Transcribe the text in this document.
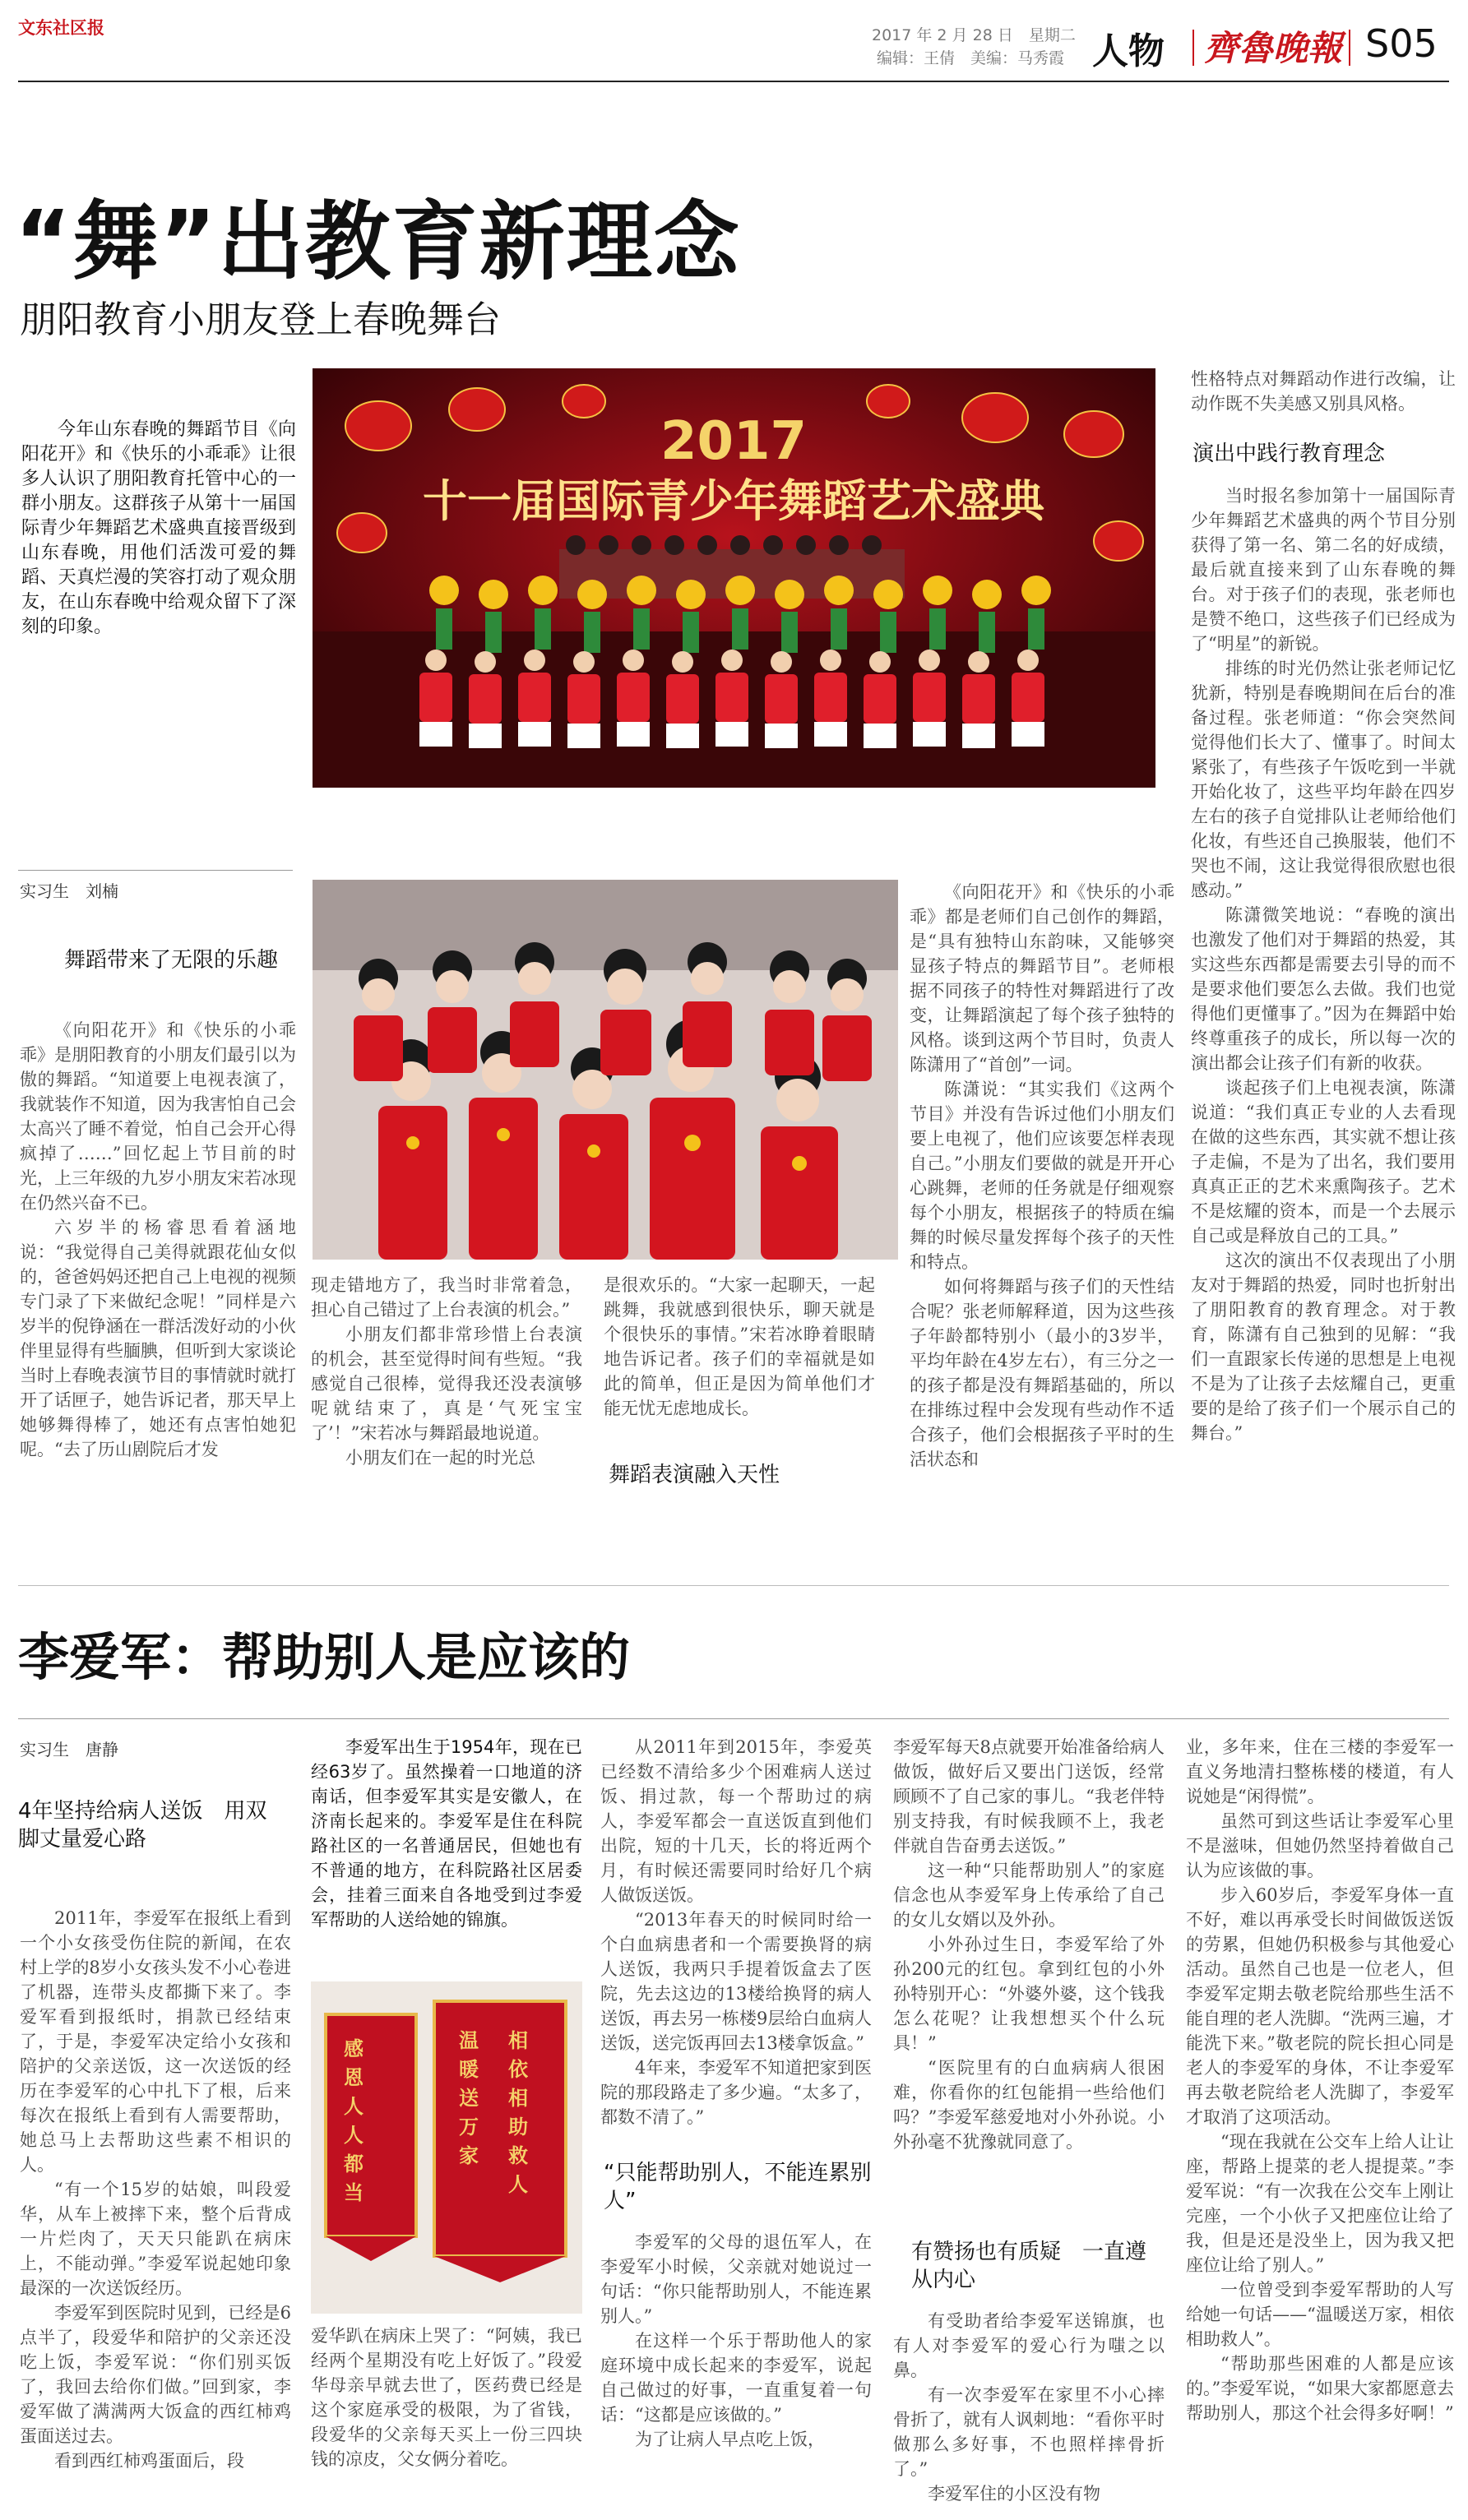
文东社区报	2017 年 2 月 28 日　星期二
编辑：王倩　美编：马秀霞 人物 齊魯晚報 S05
“舞”出教育新理念
朋阳教育小朋友登上春晚舞台
今年山东春晚的舞蹈节目《向阳花开》和《快乐的小乖乖》让很多人认识了朋阳教育托管中心的一群小朋友。这群孩子从第十一届国际青少年舞蹈艺术盛典直接晋级到山东春晚，用他们活泼可爱的舞蹈、天真烂漫的笑容打动了观众朋友，在山东春晚中给观众留下了深刻的印象。
2017
十一届国际青少年舞蹈艺术盛典

性格特点对舞蹈动作进行改编，让动作既不失美感又别具风格。

演出中践行教育理念

当时报名参加第十一届国际青少年舞蹈艺术盛典的两个节目分别获得了第一名、第二名的好成绩，最后就直接来到了山东春晚的舞台。对于孩子们的表现，张老师也是赞不绝口，这些孩子们已经成为了“明星”的新锐。

排练的时光仍然让张老师记忆犹新，特别是春晚期间在后台的准备过程。张老师道：“你会突然间觉得他们长大了、懂事了。时间太紧张了，有些孩子午饭吃到一半就开始化妆了，这些平均年龄在四岁左右的孩子自觉排队让老师给他们化妆，有些还自己换服装，他们不哭也不闹，这让我觉得很欣慰也很感动。”

陈潇微笑地说：“春晚的演出也激发了他们对于舞蹈的热爱，其实这些东西都是需要去引导的而不是要求他们要怎么去做。我们也觉得他们更懂事了。”因为在舞蹈中始终尊重孩子的成长，所以每一次的演出都会让孩子们有新的收获。

谈起孩子们上电视表演，陈潇说道：“我们真正专业的人去看现在做的这些东西，其实就不想让孩子走偏，不是为了出名，我们要用真真正正的艺术来熏陶孩子。艺术不是炫耀的资本，而是一个去展示自己或是释放自己的工具。”

这次的演出不仅表现出了小朋友对于舞蹈的热爱，同时也折射出了朋阳教育的教育理念。对于教育，陈潇有自己独到的见解：“我们一直跟家长传递的思想是上电视不是为了让孩子去炫耀自己，更重要的是给了孩子们一个展示自己的舞台。”

实习生　刘楠
舞蹈带来了无限的乐趣

《向阳花开》和《快乐的小乖乖》是朋阳教育的小朋友们最引以为傲的舞蹈。“知道要上电视表演了，我就装作不知道，因为我害怕自己会太高兴了睡不着觉，怕自己会开心得疯掉了……”回忆起上节目前的时光，上三年级的九岁小朋友宋若冰现在仍然兴奋不已。

六岁半的杨睿思看着涵地说：“我觉得自己美得就跟花仙女似的，爸爸妈妈还把自己上电视的视频专门录了下来做纪念呢！”同样是六岁半的倪铮涵在一群活泼好动的小伙伴里显得有些腼腆，但听到大家谈论当时上春晚表演节目的事情就时就打开了话匣子，她告诉记者，那天早上她够舞得棒了，她还有点害怕她犯呢。“去了历山剧院后才发

现走错地方了，我当时非常着急，担心自己错过了上台表演的机会。”

小朋友们都非常珍惜上台表演的机会，甚至觉得时间有些短。“我感觉自己很棒，觉得我还没表演够呢就结束了，真是‘气死宝宝了’！”宋若冰与舞蹈最地说道。

小朋友们在一起的时光总

是很欢乐的。“大家一起聊天，一起跳舞，我就感到很快乐，聊天就是个很快乐的事情。”宋若冰睁着眼睛地告诉记者。孩子们的幸福就是如此的简单，但正是因为简单他们才能无忧无虑地成长。

舞蹈表演融入天性

《向阳花开》和《快乐的小乖乖》都是老师们自己创作的舞蹈，是“具有独特山东韵味，又能够突显孩子特点的舞蹈节目”。老师根据不同孩子的特性对舞蹈进行了改变，让舞蹈演起了每个孩子独特的风格。谈到这两个节目时，负责人陈潇用了“首创”一词。

陈潇说：“其实我们《这两个节目》并没有告诉过他们小朋友们要上电视了，他们应该要怎样表现自己。”小朋友们要做的就是开开心心跳舞，老师的任务就是仔细观察每个小朋友，根据孩子的特质在编舞的时候尽量发挥每个孩子的天性和特点。

如何将舞蹈与孩子们的天性结合呢？张老师解释道，因为这些孩子年龄都特别小（最小的3岁半，平均年龄在4岁左右），有三分之一的孩子都是没有舞蹈基础的，所以在排练过程中会发现有些动作不适合孩子，他们会根据孩子平时的生活状态和

李爱军：帮助别人是应该的
实习生　唐静
4年坚持给病人送饭　用双脚丈量爱心路

2011年，李爱军在报纸上看到一个小女孩受伤住院的新闻，在农村上学的8岁小女孩头发不小心卷进了机器，连带头皮都撕下来了。李爱军看到报纸时，捐款已经结束了，于是，李爱军决定给小女孩和陪护的父亲送饭，这一次送饭的经历在李爱军的心中扎下了根，后来每次在报纸上看到有人需要帮助，她总马上去帮助这些素不相识的人。

“有一个15岁的姑娘，叫段爱华，从车上被摔下来，整个后背成一片烂肉了，天天只能趴在病床上，不能动弹。”李爱军说起她印象最深的一次送饭经历。

李爱军到医院时见到，已经是6点半了，段爱华和陪护的父亲还没吃上饭，李爱军说：“你们别买饭了，我回去给你们做。”回到家，李爱军做了满满两大饭盒的西红柿鸡蛋面送过去。

看到西红柿鸡蛋面后，段

李爱军出生于1954年，现在已经63岁了。虽然操着一口地道的济南话，但李爱军其实是安徽人，在济南长起来的。李爱军是住在科院路社区的一名普通居民，但她也有不普通的地方，在科院路社区居委会，挂着三面来自各地受到过李爱军帮助的人送给她的锦旗。
感
恩
人
人
都
当
温
暖
送
万
家
相
依
相
助
救
人

爱华趴在病床上哭了：“阿姨，我已经两个星期没有吃上好饭了。”段爱华母亲早就去世了，医药费已经是这个家庭承受的极限，为了省钱，段爱华的父亲每天买上一份三四块钱的凉皮，父女俩分着吃。

从2011年到2015年，李爱英已经数不清给多少个困难病人送过饭、捐过款，每一个帮助过的病人，李爱军都会一直送饭直到他们出院，短的十几天，长的将近两个月，有时候还需要同时给好几个病人做饭送饭。

“2013年春天的时候同时给一个白血病患者和一个需要换肾的病人送饭，我两只手提着饭盒去了医院，先去这边的13楼给换肾的病人送饭，再去另一栋楼9层给白血病人送饭，送完饭再回去13楼拿饭盒。”

4年来，李爱军不知道把家到医院的那段路走了多少遍。“太多了，都数不清了。”

“只能帮助别人，不能连累别人”

李爱军的父母的退伍军人，在李爱军小时候，父亲就对她说过一句话：“你只能帮助别人，不能连累别人。”

在这样一个乐于帮助他人的家庭环境中成长起来的李爱军，说起自己做过的好事，一直重复着一句话：“这都是应该做的。”

为了让病人早点吃上饭，

李爱军每天8点就要开始准备给病人做饭，做好后又要出门送饭，经常顾顾不了自己家的事儿。“我老伴特别支持我，有时候我顾不上，我老伴就自告奋勇去送饭。”

这一种“只能帮助别人”的家庭信念也从李爱军身上传承给了自己的女儿女婿以及外孙。

小外孙过生日，李爱军给了外孙200元的红包。拿到红包的小外孙特别开心：“外婆外婆，这个钱我怎么花呢？让我想想买个什么玩具！”

“医院里有的白血病病人很困难，你看你的红包能捐一些给他们吗？”李爱军慈爱地对小外孙说。小外孙毫不犹豫就同意了。

有赞扬也有质疑　一直遵从内心

有受助者给李爱军送锦旗，也有人对李爱军的爱心行为嗤之以鼻。

有一次李爱军在家里不小心摔骨折了，就有人讽刺地：“看你平时做那么多好事，不也照样摔骨折了。”

李爱军住的小区没有物

业，多年来，住在三楼的李爱军一直义务地清扫整栋楼的楼道，有人说她是“闲得慌”。

虽然可到这些话让李爱军心里不是滋味，但她仍然坚持着做自己认为应该做的事。

步入60岁后，李爱军身体一直不好，难以再承受长时间做饭送饭的劳累，但她仍积极参与其他爱心活动。虽然自己也是一位老人，但李爱军定期去敬老院给那些生活不能自理的老人洗脚。“洗两三遍，才能洗下来。”敬老院的院长担心同是老人的李爱军的身体，不让李爱军再去敬老院给老人洗脚了，李爱军才取消了这项活动。

“现在我就在公交车上给人让让座，帮路上提菜的老人提提菜。”李爱军说：“有一次我在公交车上刚让完座，一个小伙子又把座位让给了我，但是还是没坐上，因为我又把座位让给了别人。”

一位曾受到李爱军帮助的人写给她一句话——“温暖送万家，相依相助救人”。

“帮助那些困难的人都是应该的。”李爱军说，“如果大家都愿意去帮助别人，那这个社会得多好啊！”
